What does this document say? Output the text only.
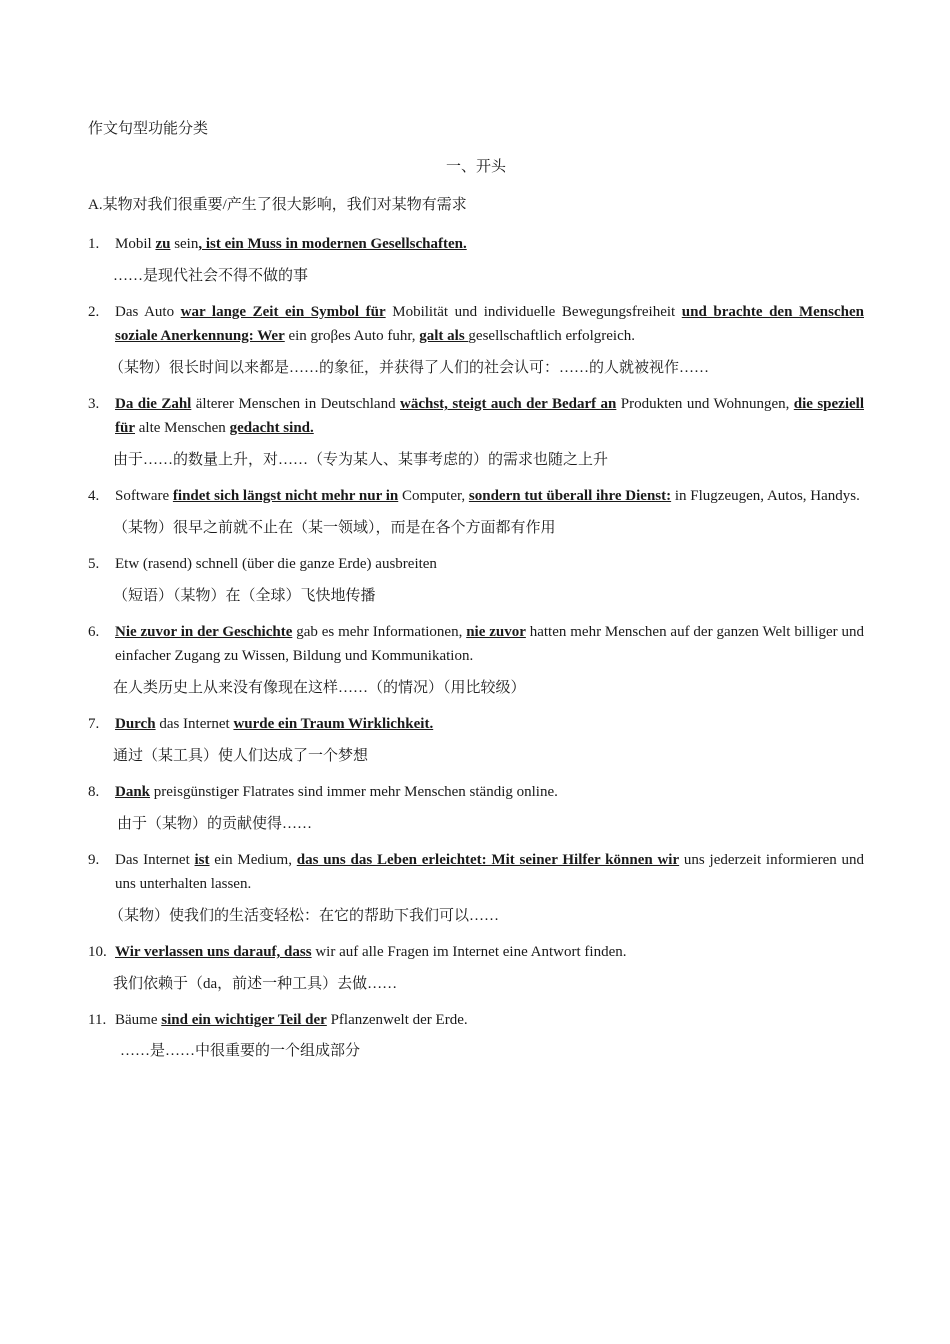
作文句型功能分类
一、开头
A.某物对我们很重要/产生了很大影响，我们对某物有需求
1. Mobil zu sein, ist ein Muss in modernen Gesellschaften.

……是现代社会不得不做的事

2. Das Auto war lange Zeit ein Symbol für Mobilität und individuelle Bewegungsfreiheit und brachte den Menschen soziale Anerkennung: Wer ein groβes Auto fuhr, galt als gesellschaftlich erfolgreich.

（某物）很长时间以来都是……的象征，并获得了人们的社会认可：……的人就被视作……

3. Da die Zahl älterer Menschen in Deutschland wächst, steigt auch der Bedarf an Produkten und Wohnungen, die speziell für alte Menschen gedacht sind.

由于……的数量上升，对……（专为某人、某事考虑的）的需求也随之上升

4. Software findet sich längst nicht mehr nur in Computer, sondern tut überall ihre Dienst: in Flugzeugen, Autos, Handys.

（某物）很早之前就不止在（某一领域），而是在各个方面都有作用

5. Etw (rasend) schnell (über die ganze Erde) ausbreiten

（短语）（某物）在（全球）飞快地传播

6. Nie zuvor in der Geschichte gab es mehr Informationen, nie zuvor hatten mehr Menschen auf der ganzen Welt billiger und einfacher Zugang zu Wissen, Bildung und Kommunikation.

在人类历史上从来没有像现在这样……（的情况）（用比较级）

7. Durch das Internet wurde ein Traum Wirklichkeit.

通过（某工具）使人们达成了一个梦想

8. Dank preisgünstiger Flatrates sind immer mehr Menschen ständig online.

由于（某物）的贡献使得……

9. Das Internet ist ein Medium, das uns das Leben erleichtet: Mit seiner Hilfer können wir uns jederzeit informieren und uns unterhalten lassen.

（某物）使我们的生活变轻松：在它的帮助下我们可以……

10. Wir verlassen uns darauf, dass wir auf alle Fragen im Internet eine Antwort finden.

我们依赖于（da，前述一种工具）去做……

11. Bäume sind ein wichtiger Teil der Pflanzenwelt der Erde.

……是……中很重要的一个组成部分
